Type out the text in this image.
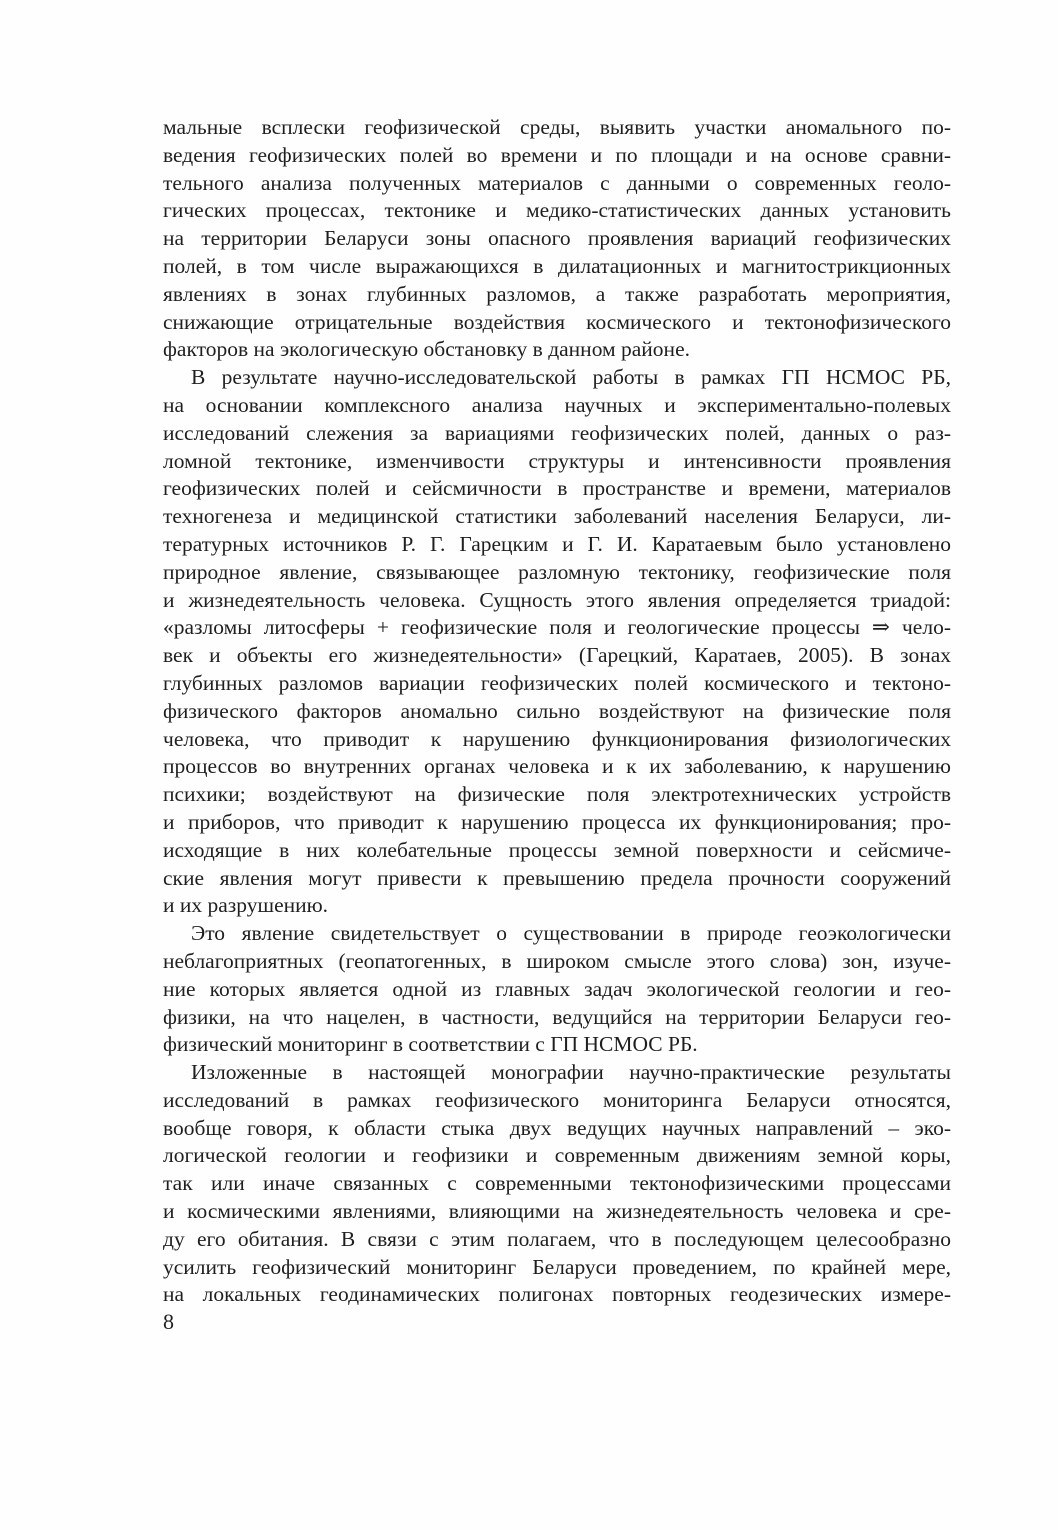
мальные всплески геофизической среды, выявить участки аномального по-
ведения геофизических полей во времени и по площади и на основе сравни-
тельного анализа полученных материалов с данными о современных геоло-
гических процессах, тектонике и медико-статистических данных установить
на территории Беларуси зоны опасного проявления вариаций геофизических
полей, в том числе выражающихся в дилатационных и магнитострикционных
явлениях в зонах глубинных разломов, а также разработать мероприятия,
снижающие отрицательные воздействия космического и тектонофизического
факторов на экологическую обстановку в данном районе.

В результате научно-исследовательской работы в рамках ГП НСМОС РБ,
на основании комплексного анализа научных и экспериментально-полевых
исследований слежения за вариациями геофизических полей, данных о раз-
ломной тектонике, изменчивости структуры и интенсивности проявления
геофизических полей и сейсмичности в пространстве и времени, материалов
техногенеза и медицинской статистики заболеваний населения Беларуси, ли-
тературных источников Р. Г. Гарецким и Г. И. Каратаевым было установлено
природное явление, связывающее разломную тектонику, геофизические поля
и жизнедеятельность человека. Сущность этого явления определяется триадой:
«разломы литосферы + геофизические поля и геологические процессы ⇒ чело-
век и объекты его жизнедеятельности» (Гарецкий, Каратаев, 2005). В зонах
глубинных разломов вариации геофизических полей космического и тектоно-
физического факторов аномально сильно воздействуют на физические поля
человека, что приводит к нарушению функционирования физиологических
процессов во внутренних органах человека и к их заболеванию, к нарушению
психики; воздействуют на физические поля электротехнических устройств
и приборов, что приводит к нарушению процесса их функционирования; про-
исходящие в них колебательные процессы земной поверхности и сейсмиче-
ские явления могут привести к превышению предела прочности сооружений
и их разрушению.

Это явление свидетельствует о существовании в природе геоэкологически
неблагоприятных (геопатогенных, в широком смысле этого слова) зон, изуче-
ние которых является одной из главных задач экологической геологии и гео-
физики, на что нацелен, в частности, ведущийся на территории Беларуси гео-
физический мониторинг в соответствии с ГП НСМОС РБ.

Изложенные в настоящей монографии научно-практические результаты
исследований в рамках геофизического мониторинга Беларуси относятся,
вообще говоря, к области стыка двух ведущих научных направлений – эко-
логической геологии и геофизики и современным движениям земной коры,
так или иначе связанных с современными тектонофизическими процессами
и космическими явлениями, влияющими на жизнедеятельность человека и сре-
ду его обитания. В связи с этим полагаем, что в последующем целесообразно
усилить геофизический мониторинг Беларуси проведением, по крайней мере,
на локальных геодинамических полигонах повторных геодезических измере-

8
